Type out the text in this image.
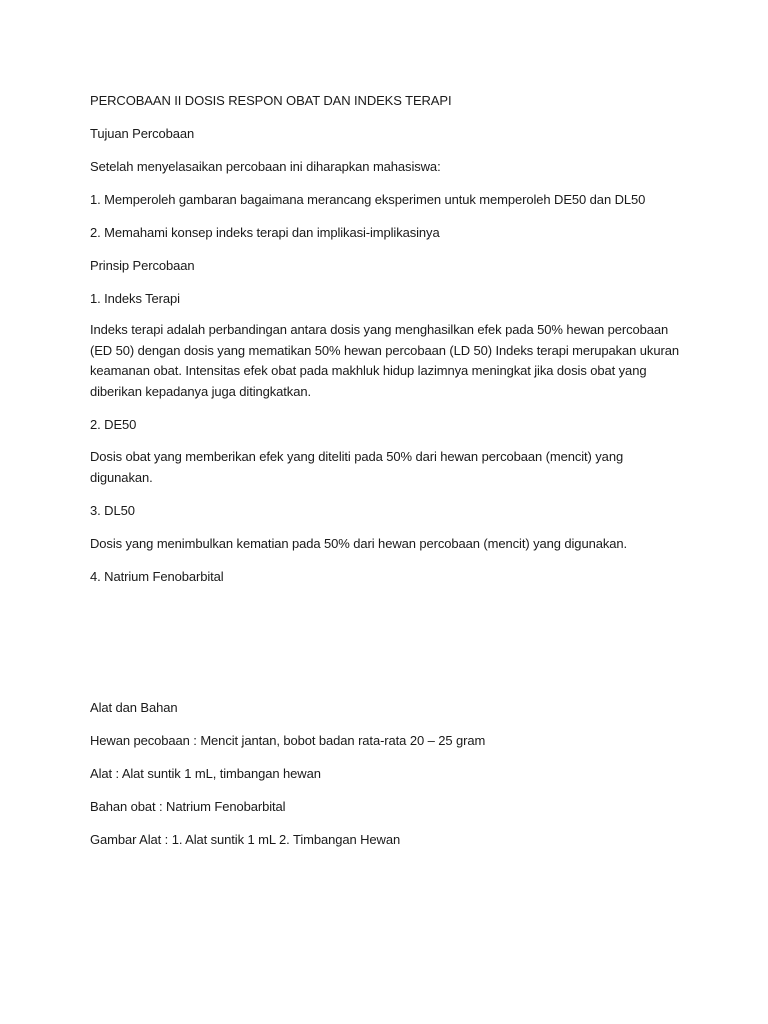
PERCOBAAN II DOSIS RESPON OBAT DAN INDEKS TERAPI

Tujuan Percobaan

Setelah menyelasaikan percobaan ini diharapkan mahasiswa:

1. Memperoleh gambaran bagaimana merancang eksperimen untuk memperoleh DE50 dan DL50

2. Memahami konsep indeks terapi dan implikasi-implikasinya

Prinsip Percobaan

1. Indeks Terapi

Indeks terapi adalah perbandingan antara dosis yang menghasilkan efek pada 50% hewan percobaan
(ED 50) dengan dosis yang mematikan 50% hewan percobaan (LD 50) Indeks terapi merupakan ukuran
keamanan obat. Intensitas efek obat pada makhluk hidup lazimnya meningkat jika dosis obat yang
diberikan kepadanya juga ditingkatkan.

2. DE50

Dosis obat yang memberikan efek yang diteliti pada 50% dari hewan percobaan (mencit) yang
digunakan.

3. DL50

Dosis yang menimbulkan kematian pada 50% dari hewan percobaan (mencit) yang digunakan.

4. Natrium Fenobarbital

Alat dan Bahan

Hewan pecobaan : Mencit jantan, bobot badan rata-rata 20 – 25 gram

Alat : Alat suntik 1 mL, timbangan hewan

Bahan obat : Natrium Fenobarbital

Gambar Alat : 1. Alat suntik 1 mL 2. Timbangan Hewan
